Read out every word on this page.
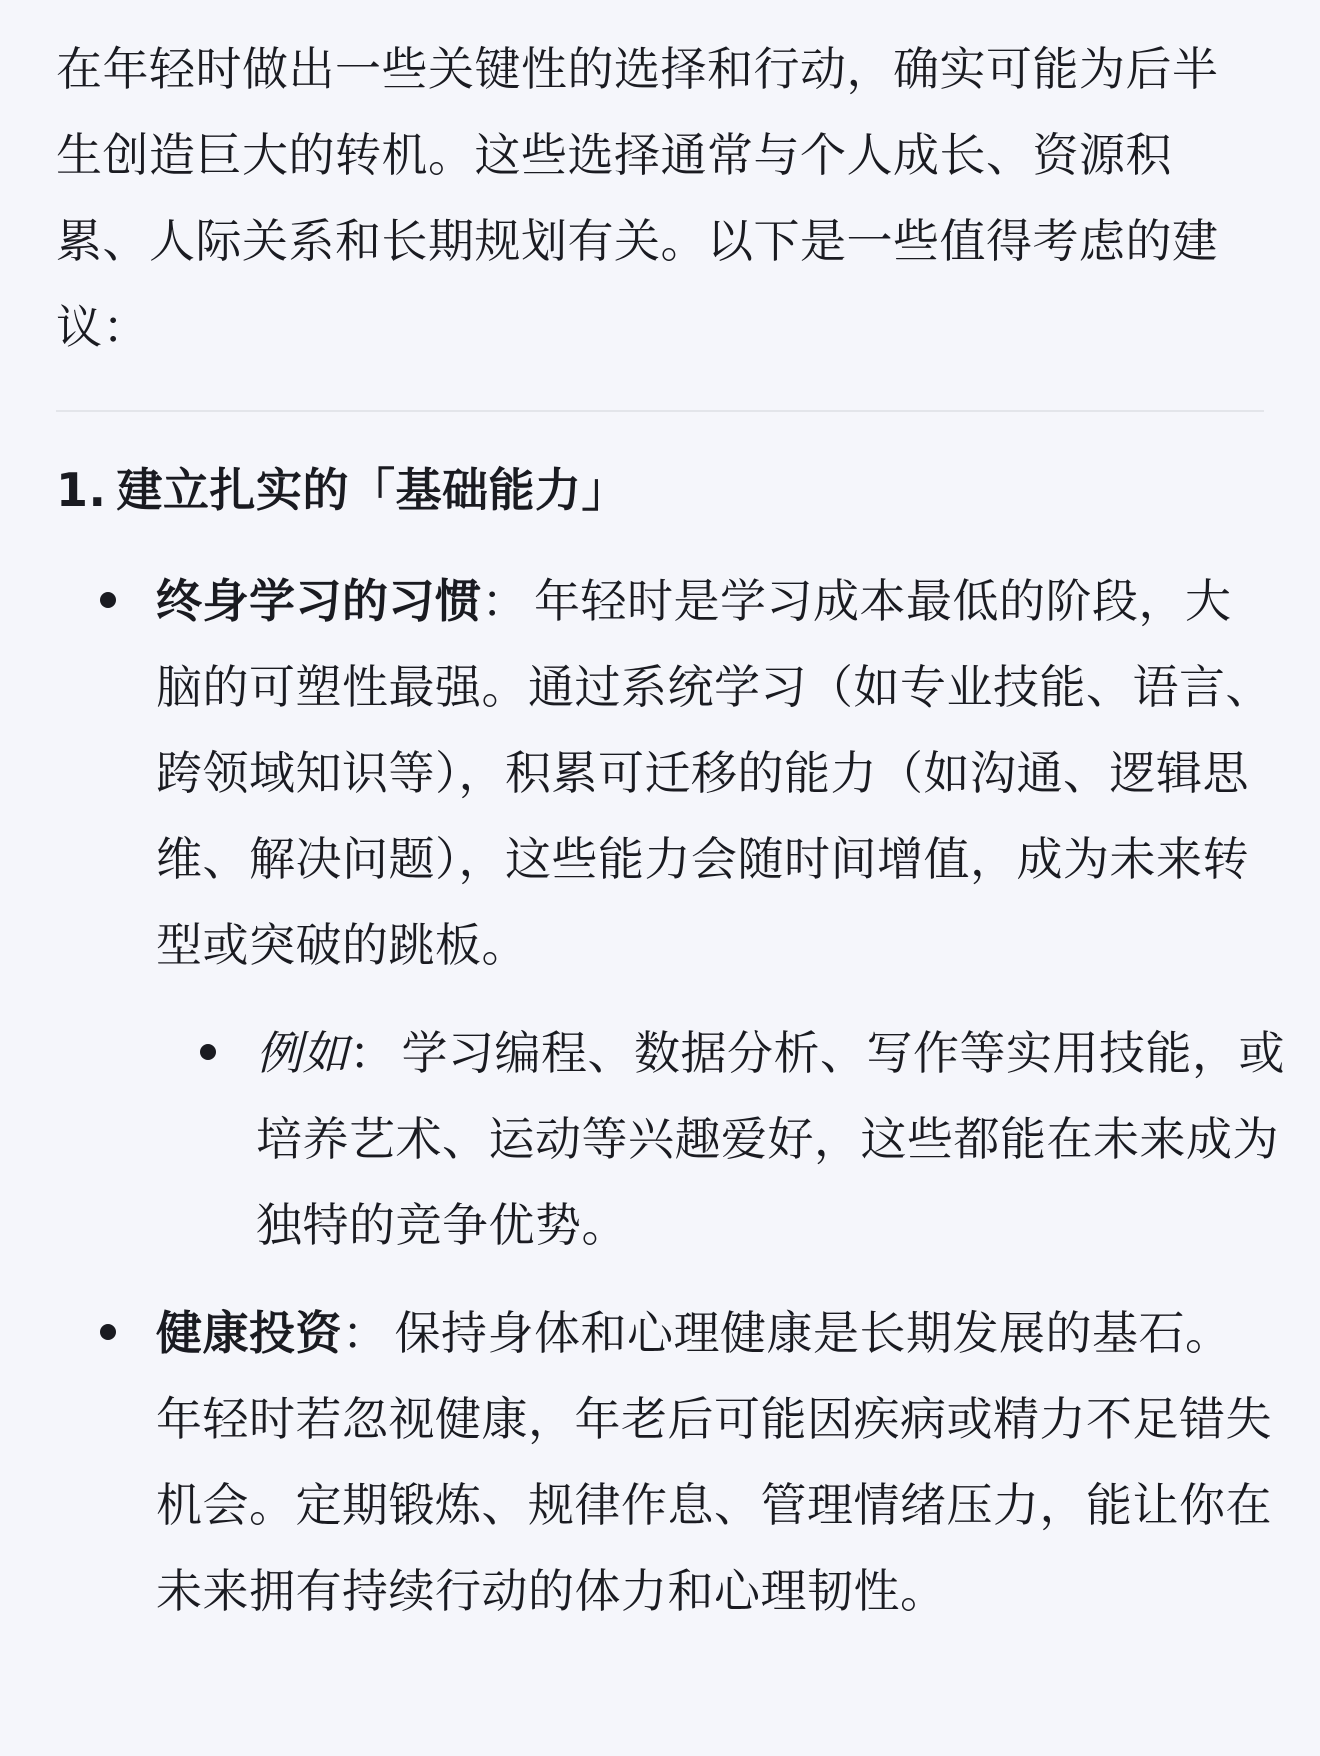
在年轻时做出一些关键性的选择和行动，确实可能为后半生创造巨大的转机。这些选择通常与个人成长、资源积累、人际关系和长期规划有关。以下是一些值得考虑的建议：

1. 建立扎实的「基础能力」
终身学习的习惯： 年轻时是学习成本最低的阶段，大脑的可塑性最强。通过系统学习（如专业技能、语言、跨领域知识等），积累可迁移的能力（如沟通、逻辑思维、解决问题），这些能力会随时间增值，成为未来转型或突破的跳板。
例如： 学习编程、数据分析、写作等实用技能，或培养艺术、运动等兴趣爱好，这些都能在未来成为独特的竞争优势。
健康投资： 保持身体和心理健康是长期发展的基石。年轻时若忽视健康，年老后可能因疾病或精力不足错失机会。定期锻炼、规律作息、管理情绪压力，能让你在未来拥有持续行动的体力和心理韧性。
